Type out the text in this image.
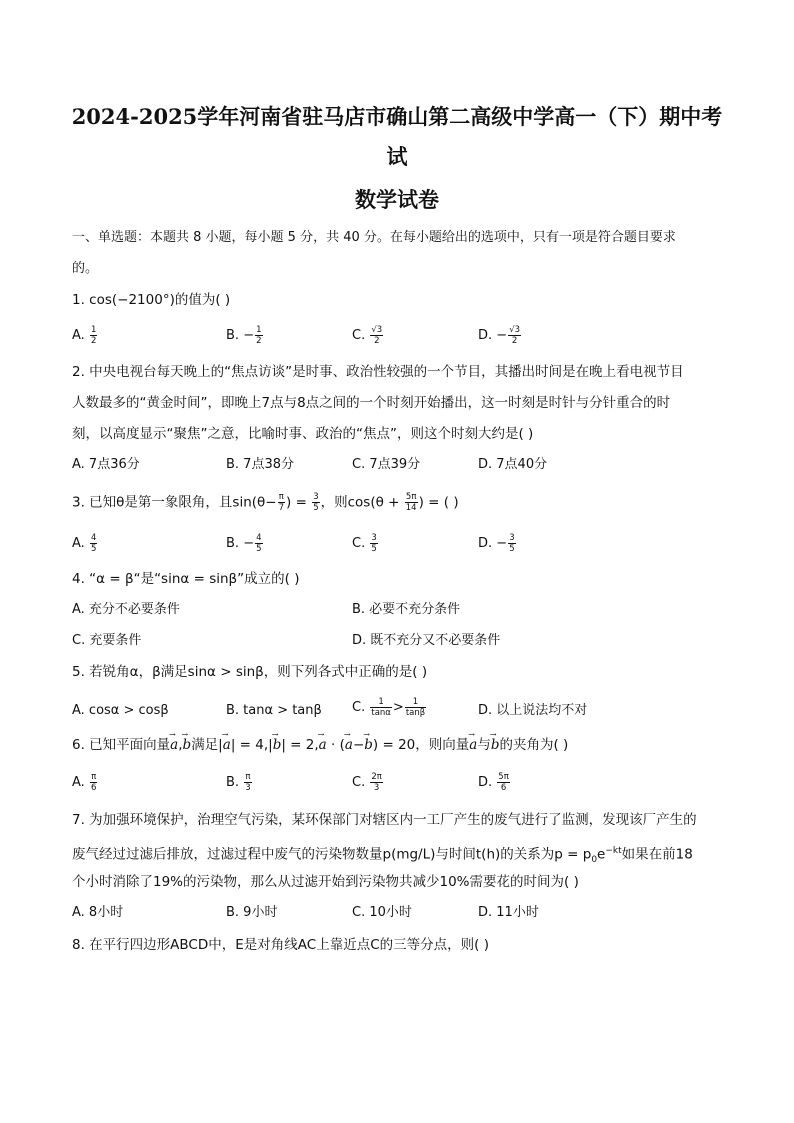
2024-2025学年河南省驻马店市确山第二高级中学高一（下）期中考
试
数学试卷
一、单选题：本题共 8 小题，每小题 5 分，共 40 分。在每小题给出的选项中，只有一项是符合题目要求
的。
1. cos(−2100°)的值为( )
A. $\frac{1}{2}$	B. − $\frac{1}{2}$	C. $\frac{√3}{2}$	D. − $\frac{√3}{2}$
2. 中央电视台每天晚上的“焦点访谈”是时事、政治性较强的一个节目，其播出时间是在晚上看电视节目
人数最多的“黄金时间”，即晚上7点与8点之间的一个时刻开始播出，这一时刻是时针与分针重合的时
刻，以高度显示“聚焦”之意，比喻时事、政治的“焦点”，则这个时刻大约是( )
A. 7点36分	B. 7点38分	C. 7点39分	D. 7点40分
3. 已知θ是第一象限角，且$\sin(\theta- \frac{\pi}{7}$ ) = $\frac{3}{5}$ ，则$\cos(\theta + \frac{5\pi}{14}$ ) = ( )
A. $\frac{4}{5}$	B. − $\frac{4}{5}$	C. $\frac{3}{5}$	D. − $\frac{3}{5}$
4. “α = β“是“sinα = sinβ”成立的( )
A. 充分不必要条件	B. 必要不充分条件
C. 充要条件	D. 既不充分又不必要条件
5. 若锐角α，β满足sinα > sinβ，则下列各式中正确的是( )
A. cosα > cosβ	B. tanα > tanβ C. $\frac{1}{\tan\alpha} > \frac{1}{\tan\beta}$	D. 以上说法均不对
6. 已知平面向量a →,b →满足|a →| = 4,|b →| = 2,a → · (a →−b →) = 20，则向量a →与b →的夹角为( )
A. $\frac{\pi}{6}$	B. $\frac{\pi}{3}$	C. $\frac{2\pi}{3}$	D. $\frac{5\pi}{6}$
7. 为加强环境保护，治理空气污染，某环保部门对辖区内一工厂产生的废气进行了监测，发现该厂产生的
废气经过过滤后排放，过滤过程中废气的污染物数量p(mg/L)与时间t(h)的关系为$p = p_0e^{-kt}$如果在前18
个小时消除了19%的污染物，那么从过滤开始到污染物共减少10%需要花的时间为( )
A. 8小时	B. 9小时	C. 10小时	D. 11小时
8. 在平行四边形ABCD中，E是对角线AC上靠近点C的三等分点，则( )
